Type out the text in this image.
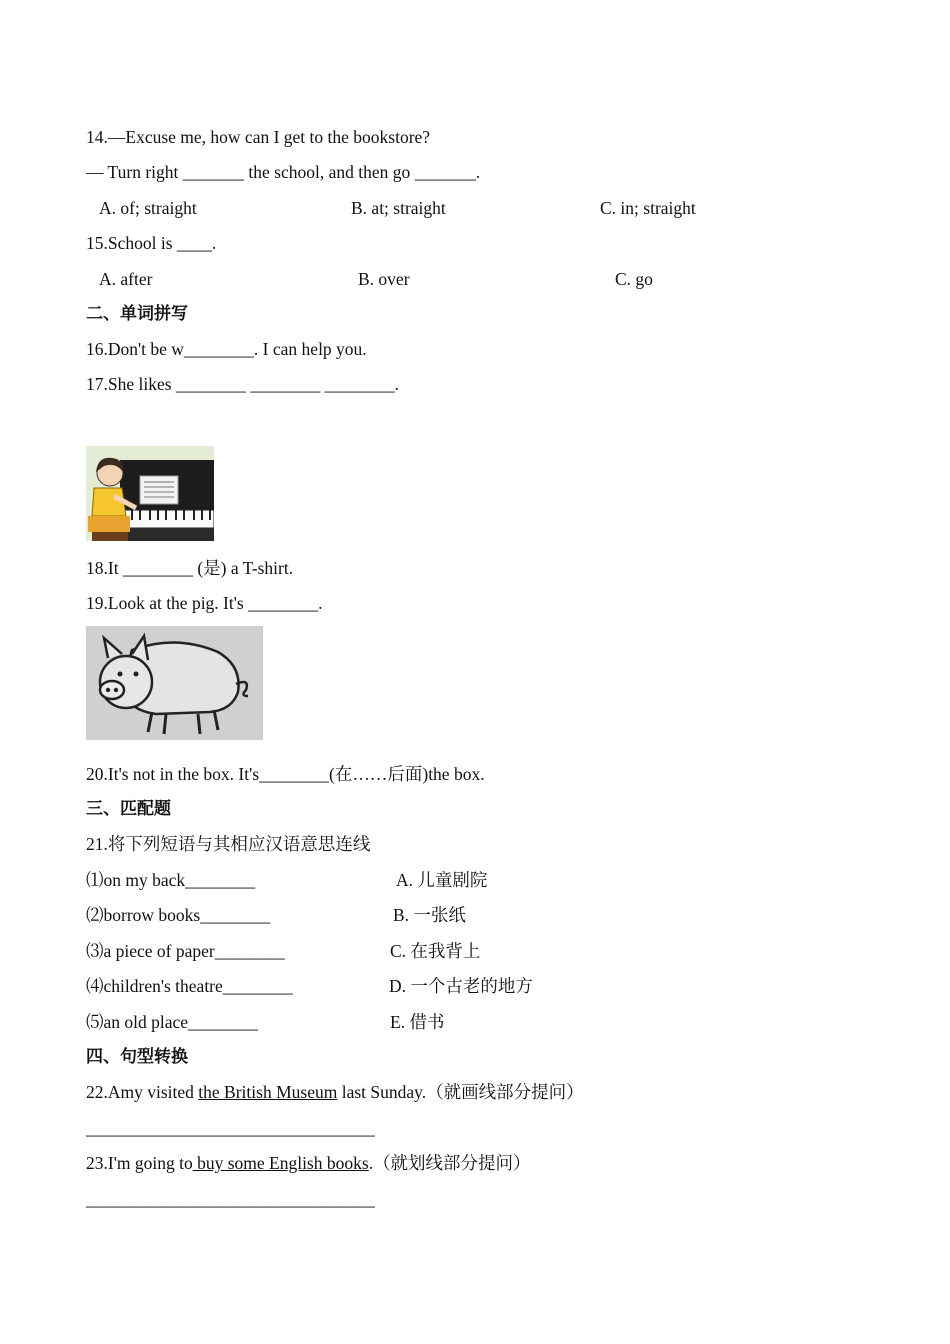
14.—Excuse me, how can I get to the bookstore?
— Turn right _______ the school, and then go _______.
A. of; straight	B. at; straight	C. in; straight
15.School is ____.
A. after	B. over	C. go
二、单词拼写
16.Don't be w________. I can help you.
17.She likes ________ ________ ________.
18.It ________ (是) a T-shirt.
19.Look at the pig. It's ________.
20.It's not in the box. It's________(在……后面)the box.
三、匹配题
21.将下列短语与其相应汉语意思连线
⑴on my back________	A. 儿童剧院
⑵borrow books________	B. 一张纸
⑶a piece of paper________	C. 在我背上
⑷children's theatre________	D. 一个古老的地方
⑸an old place________	E. 借书
四、句型转换
22.Amy visited the British Museum last Sunday.（就画线部分提问）
_________________________________
23.I'm going to buy some English books.（就划线部分提问）
_________________________________
